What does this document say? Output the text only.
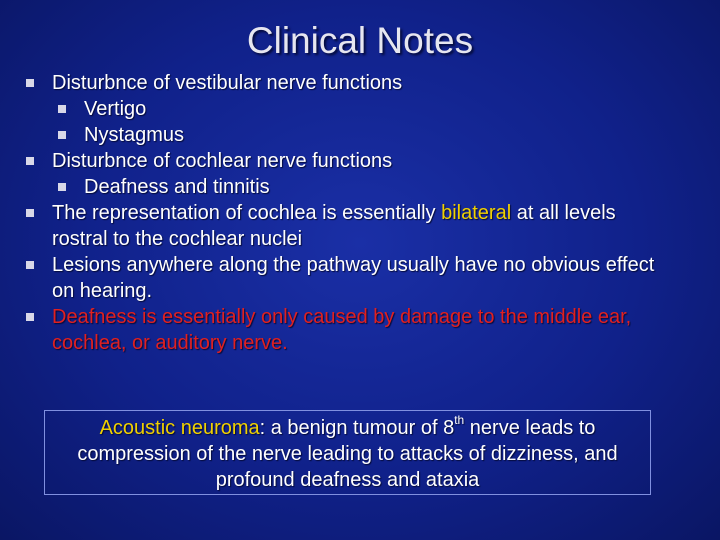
Clinical Notes
Disturbnce of vestibular nerve functions
Vertigo
Nystagmus
Disturbnce of cochlear nerve functions
Deafness and tinnitis
The representation of cochlea is essentially bilateral at all levels rostral to the cochlear nuclei
Lesions anywhere along the pathway usually have no obvious effect on hearing.
Deafness is essentially only caused by damage to the middle ear, cochlea, or auditory nerve.
Acoustic neuroma: a benign tumour of 8th nerve leads to compression of the nerve leading to attacks of dizziness, and profound deafness and ataxia
